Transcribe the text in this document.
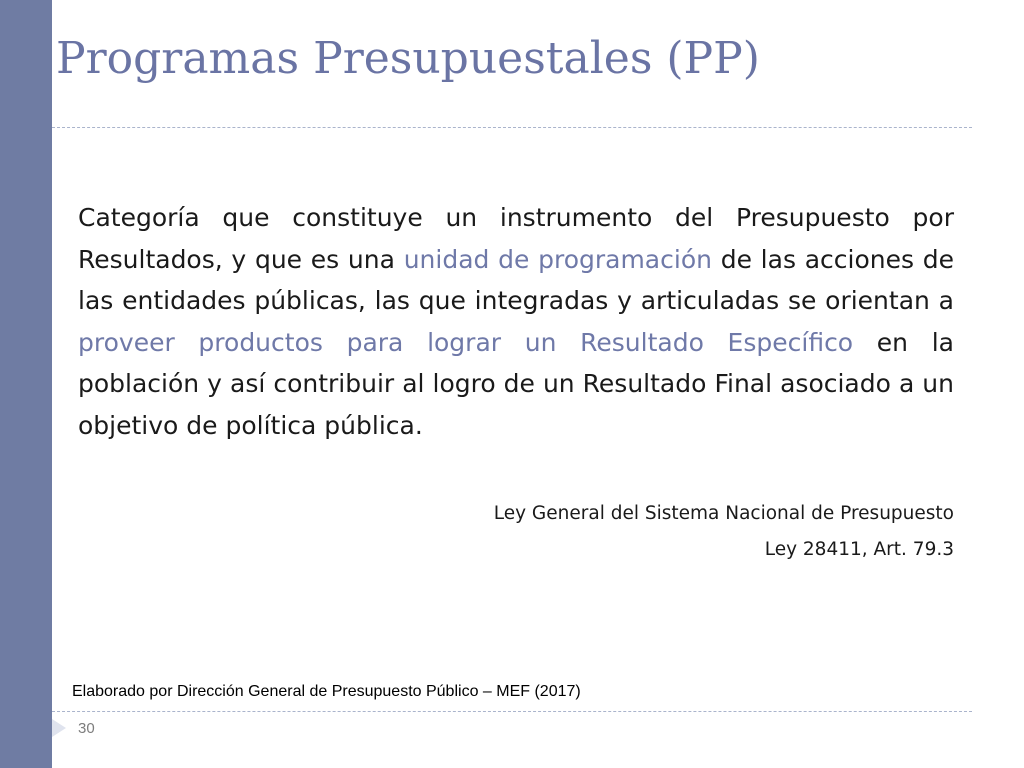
Programas Presupuestales (PP)

Categoría que constituye un instrumento del Presupuesto por Resultados, y que es una unidad de programación de las acciones de las entidades públicas, las que integradas y articuladas se orientan a proveer productos para lograr un Resultado Específico en la población y así contribuir al logro de un Resultado Final asociado a un objetivo de política pública.

Ley General del Sistema Nacional de Presupuesto
Ley 28411, Art. 79.3
Elaborado por Dirección General de Presupuesto Público – MEF (2017)
30
